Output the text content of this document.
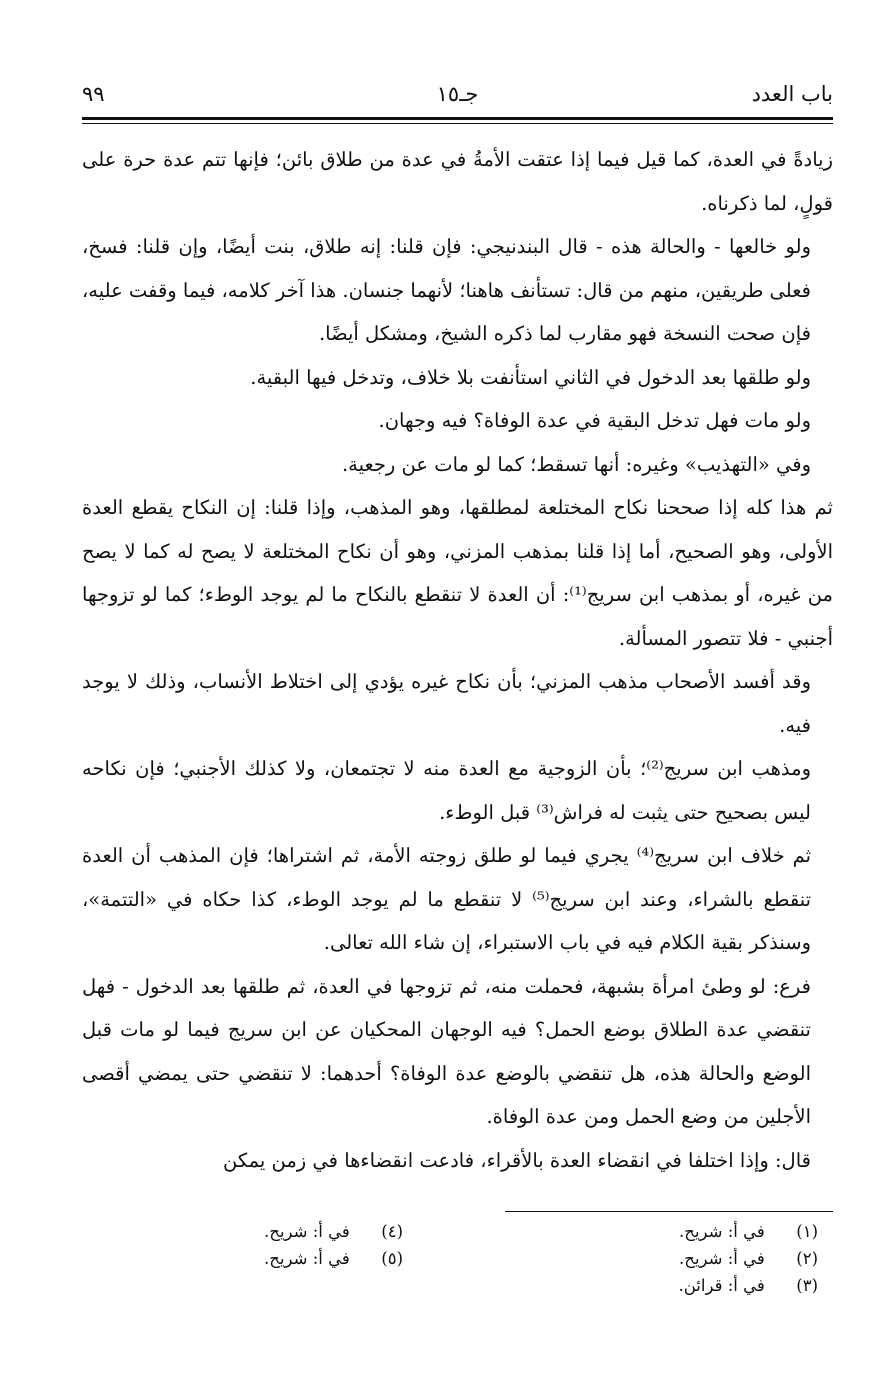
باب العدد
جـ١٥
٩٩

زيادةً في العدة، كما قيل فيما إذا عتقت الأمةُ في عدة من طلاق بائن؛ فإنها تتم عدة حرة على قولٍ، لما ذكرناه.

ولو خالعها - والحالة هذه - قال البندنيجي: فإن قلنا: إنه طلاق، بنت أيضًا، وإن قلنا: فسخ، فعلى طريقين، منهم من قال: تستأنف هاهنا؛ لأنهما جنسان. هذا آخر كلامه، فيما وقفت عليه، فإن صحت النسخة فهو مقارب لما ذكره الشيخ، ومشكل أيضًا.

ولو طلقها بعد الدخول في الثاني استأنفت بلا خلاف، وتدخل فيها البقية.

ولو مات فهل تدخل البقية في عدة الوفاة؟ فيه وجهان.

وفي «التهذيب» وغيره: أنها تسقط؛ كما لو مات عن رجعية.

ثم هذا كله إذا صححنا نكاح المختلعة لمطلقها، وهو المذهب، وإذا قلنا: إن النكاح يقطع العدة الأولى، وهو الصحيح، أما إذا قلنا بمذهب المزني، وهو أن نكاح المختلعة لا يصح له كما لا يصح من غيره، أو بمذهب ابن سريج⁽¹⁾: أن العدة لا تنقطع بالنكاح ما لم يوجد الوطء؛ كما لو تزوجها أجنبي - فلا تتصور المسألة.

وقد أفسد الأصحاب مذهب المزني؛ بأن نكاح غيره يؤدي إلى اختلاط الأنساب، وذلك لا يوجد فيه.

ومذهب ابن سريج⁽²⁾؛ بأن الزوجية مع العدة منه لا تجتمعان، ولا كذلك الأجنبي؛ فإن نكاحه ليس بصحيح حتى يثبت له فراش⁽³⁾ قبل الوطء.

ثم خلاف ابن سريج⁽⁴⁾ يجري فيما لو طلق زوجته الأمة، ثم اشتراها؛ فإن المذهب أن العدة تنقطع بالشراء، وعند ابن سريج⁽⁵⁾ لا تنقطع ما لم يوجد الوطء، كذا حكاه في «التتمة»، وسنذكر بقية الكلام فيه في باب الاستبراء، إن شاء الله تعالى.

فرع: لو وطئ امرأة بشبهة، فحملت منه، ثم تزوجها في العدة، ثم طلقها بعد الدخول - فهل تنقضي عدة الطلاق بوضع الحمل؟ فيه الوجهان المحكيان عن ابن سريج فيما لو مات قبل الوضع والحالة هذه، هل تنقضي بالوضع عدة الوفاة؟ أحدهما: لا تنقضي حتى يمضي أقصى الأجلين من وضع الحمل ومن عدة الوفاة.

قال: وإذا اختلفا في انقضاء العدة بالأقراء، فادعت انقضاءها في زمن يمكن

(١) في أ: شريح.
(٢) في أ: شريح.
(٣) في أ: قرائن.
(٤) في أ: شريح.
(٥) في أ: شريح.
